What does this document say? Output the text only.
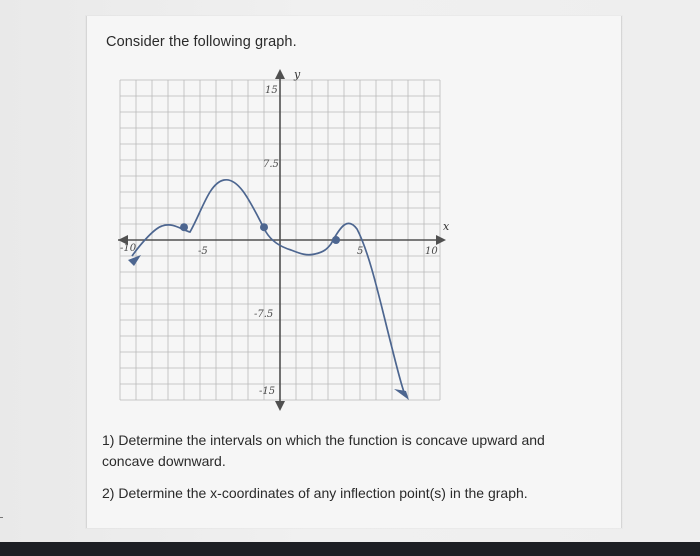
Consider the following graph.
y
x
15
7.5
-7.5
-15
-10	-5	5	10
1) Determine the intervals on which the function is concave upward and concave downward.
2) Determine the x-coordinates of any inflection point(s) in the graph.
